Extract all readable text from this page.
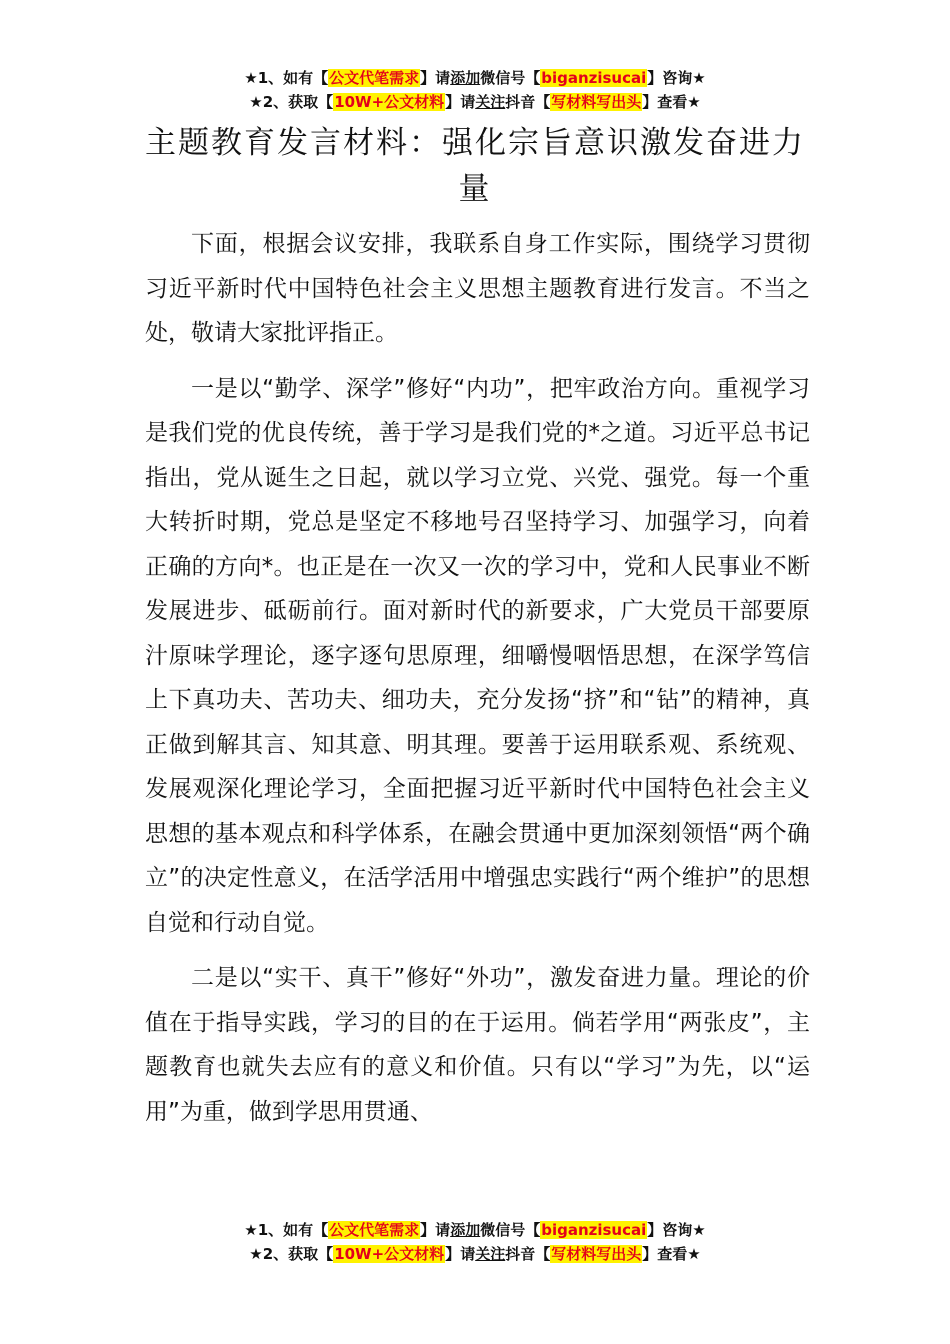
★1、如有【公文代笔需求】请添加微信号【biganzisucai】咨询★
★2、获取【10W+公文材料】请关注抖音【写材料写出头】查看★
主题教育发言材料：强化宗旨意识激发奋进力量

下面，根据会议安排，我联系自身工作实际，围绕学习贯彻习近平新时代中国特色社会主义思想主题教育进行发言。不当之处，敬请大家批评指正。

一是以“勤学、深学”修好“内功”，把牢政治方向。重视学习是我们党的优良传统，善于学习是我们党的*之道。习近平总书记指出，党从诞生之日起，就以学习立党、兴党、强党。每一个重大转折时期，党总是坚定不移地号召坚持学习、加强学习，向着正确的方向*。也正是在一次又一次的学习中，党和人民事业不断发展进步、砥砺前行。面对新时代的新要求，广大党员干部要原汁原味学理论，逐字逐句思原理，细嚼慢咽悟思想，在深学笃信上下真功夫、苦功夫、细功夫，充分发扬“挤”和“钻”的精神，真正做到解其言、知其意、明其理。要善于运用联系观、系统观、发展观深化理论学习，全面把握习近平新时代中国特色社会主义思想的基本观点和科学体系，在融会贯通中更加深刻领悟“两个确立”的决定性意义，在活学活用中增强忠实践行“两个维护”的思想自觉和行动自觉。

二是以“实干、真干”修好“外功”，激发奋进力量。理论的价值在于指导实践，学习的目的在于运用。倘若学用“两张皮”，主题教育也就失去应有的意义和价值。只有以“学习”为先，以“运用”为重，做到学思用贯通、

★1、如有【公文代笔需求】请添加微信号【biganzisucai】咨询★
★2、获取【10W+公文材料】请关注抖音【写材料写出头】查看★
